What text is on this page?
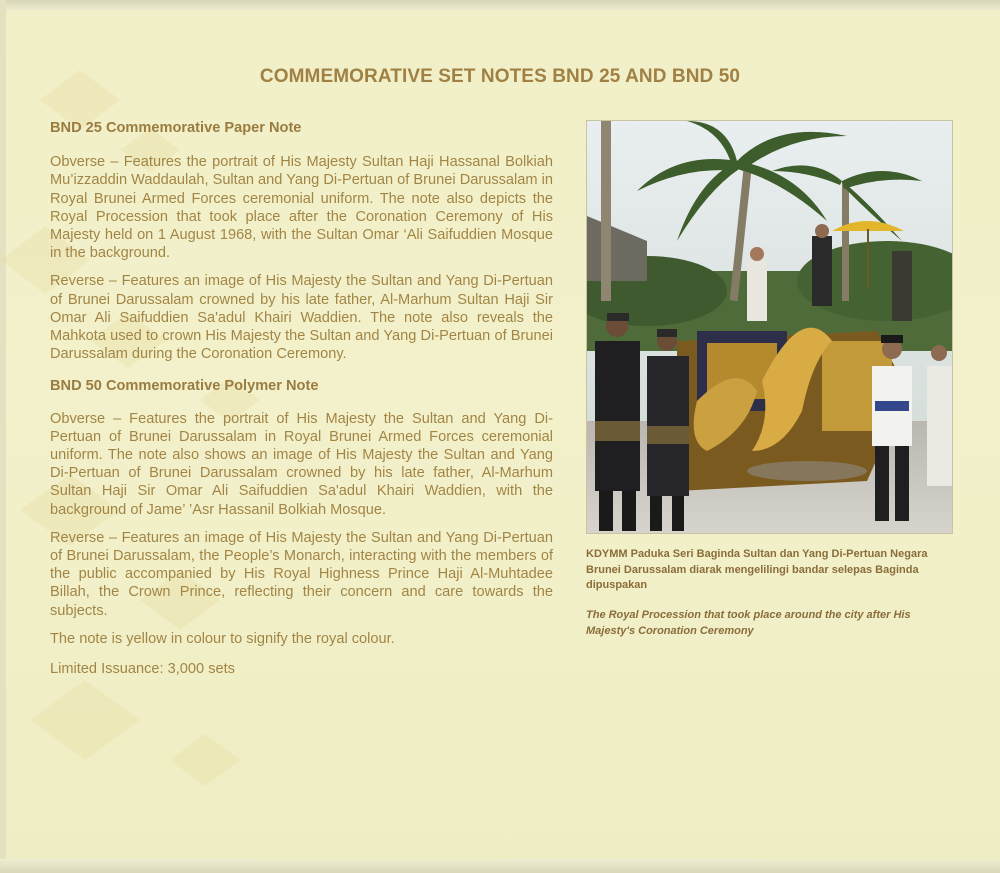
COMMEMORATIVE SET NOTES BND 25 AND BND 50
BND 25 Commemorative Paper Note

Obverse – Features the portrait of His Majesty Sultan Haji Hassanal Bolkiah Mu’izzaddin Waddaulah, Sultan and Yang Di-Pertuan of Brunei Darussalam in Royal Brunei Armed Forces ceremonial uniform. The note also depicts the Royal Procession that took place after the Coronation Ceremony of His Majesty held on 1 August 1968, with the Sultan Omar ‘Ali Saifuddien Mosque in the background.

Reverse – Features an image of His Majesty the Sultan and Yang Di-Pertuan of Brunei Darussalam crowned by his late father, Al-Marhum Sultan Haji Sir Omar Ali Saifuddien Sa'adul Khairi Waddien. The note also reveals the Mahkota used to crown His Majesty the Sultan and Yang Di-Pertuan of Brunei Darussalam during the Coronation Ceremony.

BND 50 Commemorative Polymer Note

Obverse – Features the portrait of His Majesty the Sultan and Yang Di-Pertuan of Brunei Darussalam in Royal Brunei Armed Forces ceremonial uniform. The note also shows an image of His Majesty the Sultan and Yang Di-Pertuan of Brunei Darussalam crowned by his late father, Al-Marhum Sultan Haji Sir Omar Ali Saifuddien Sa'adul Khairi Waddien, with the background of Jame’ ’Asr Hassanil Bolkiah Mosque.

Reverse – Features an image of His Majesty the Sultan and Yang Di-Pertuan of Brunei Darussalam, the People’s Monarch, interacting with the members of the public accompanied by His Royal Highness Prince Haji Al-Muhtadee Billah, the Crown Prince, reflecting their concern and care towards the subjects.

The note is yellow in colour to signify the royal colour.

Limited Issuance: 3,000 sets

KDYMM Paduka Seri Baginda Sultan dan Yang Di-Pertuan Negara Brunei Darussalam diarak mengelilingi bandar selepas Baginda dipuspakan
The Royal Procession that took place around the city after His Majesty's Coronation Ceremony
